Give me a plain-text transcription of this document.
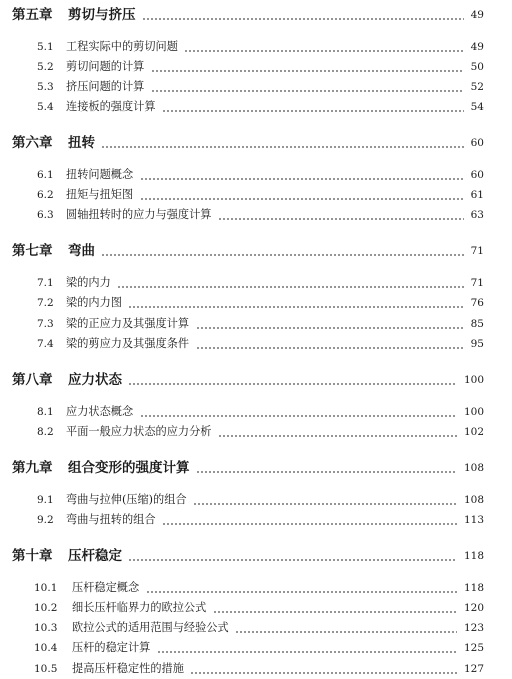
第五章 剪切与挤压	49
5.1 工程实际中的剪切问题	49
5.2 剪切问题的计算	50
5.3 挤压问题的计算	52
5.4 连接板的强度计算	54
第六章 扭转	60
6.1 扭转问题概念	60
6.2 扭矩与扭矩图	61
6.3 圆轴扭转时的应力与强度计算	63
第七章 弯曲	71
7.1 梁的内力	71
7.2 梁的内力图	76
7.3 梁的正应力及其强度计算	85
7.4 梁的剪应力及其强度条件	95
第八章 应力状态	100
8.1 应力状态概念	100
8.2 平面一般应力状态的应力分析	102
第九章 组合变形的强度计算	108
9.1 弯曲与拉伸(压缩)的组合	108
9.2 弯曲与扭转的组合	113
第十章 压杆稳定	118
10.1 压杆稳定概念	118
10.2 细长压杆临界力的欧拉公式	120
10.3 欧拉公式的适用范围与经验公式	123
10.4 压杆的稳定计算	125
10.5 提高压杆稳定性的措施	127
